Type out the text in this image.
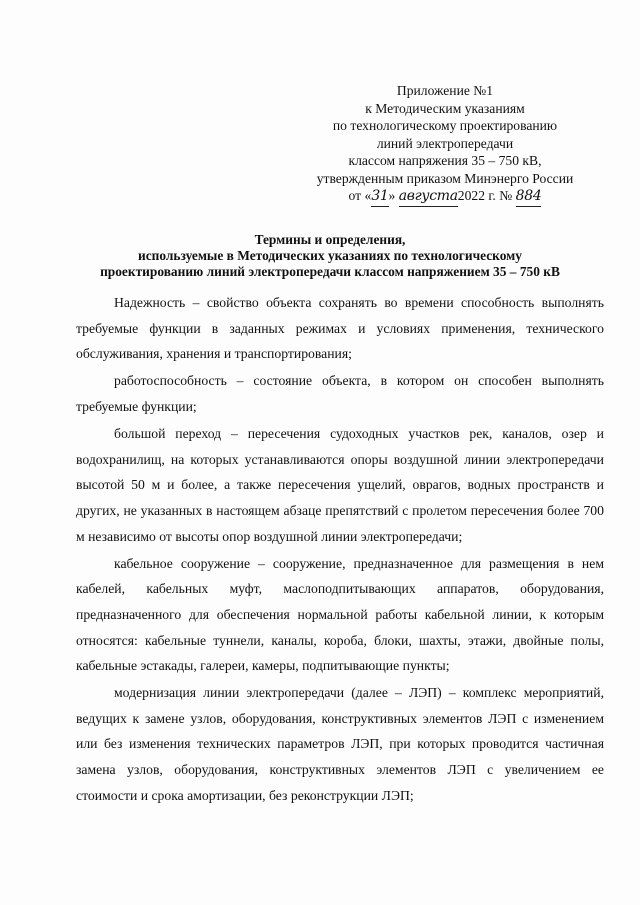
Приложение №1
к Методическим указаниям
по технологическому проектированию
линий электропередачи
классом напряжения 35 – 750 кВ,
утвержденным приказом Минэнерго России
от «31» августа2022 г. № 884
Термины и определения,
используемые в Методических указаниях по технологическому
проектированию линий электропередачи классом напряжением 35 – 750 кВ

Надежность – свойство объекта сохранять во времени способность выполнять требуемые функции в заданных режимах и условиях применения, технического обслуживания, хранения и транспортирования;

работоспособность – состояние объекта, в котором он способен выполнять требуемые функции;

большой переход – пересечения судоходных участков рек, каналов, озер и водохранилищ, на которых устанавливаются опоры воздушной линии электропередачи высотой 50 м и более, а также пересечения ущелий, оврагов, водных пространств и других, не указанных в настоящем абзаце препятствий с пролетом пересечения более 700 м независимо от высоты опор воздушной линии электропередачи;

кабельное сооружение – сооружение, предназначенное для размещения в нем кабелей, кабельных муфт, маслоподпитывающих аппаратов, оборудования, предназначенного для обеспечения нормальной работы кабельной линии, к которым относятся: кабельные туннели, каналы, короба, блоки, шахты, этажи, двойные полы, кабельные эстакады, галереи, камеры, подпитывающие пункты;

модернизация линии электропередачи (далее – ЛЭП) – комплекс мероприятий, ведущих к замене узлов, оборудования, конструктивных элементов ЛЭП с изменением или без изменения технических параметров ЛЭП, при которых проводится частичная замена узлов, оборудования, конструктивных элементов ЛЭП с увеличением ее стоимости и срока амортизации, без реконструкции ЛЭП;
